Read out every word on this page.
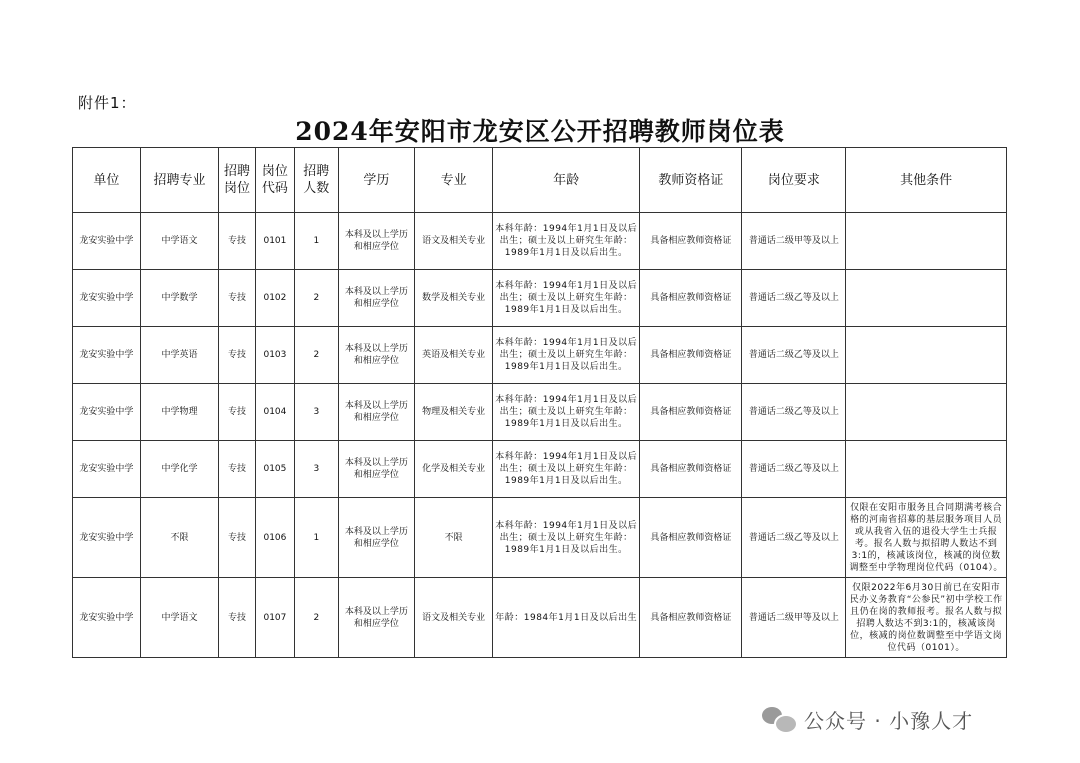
附件1：
2024年安阳市龙安区公开招聘教师岗位表
单位	招聘专业	招聘岗位	岗位代码	招聘人数	学历	专业	年龄	教师资格证	岗位要求	其他条件
龙安实验中学	中学语文	专技	0101	1	本科及以上学历和相应学位	语文及相关专业	本科年龄：1994年1月1日及以后出生；硕士及以上研究生年龄：1989年1月1日及以后出生。	具备相应教师资格证	普通话二级甲等及以上	
龙安实验中学	中学数学	专技	0102	2	本科及以上学历和相应学位	数学及相关专业	本科年龄：1994年1月1日及以后出生；硕士及以上研究生年龄：1989年1月1日及以后出生。	具备相应教师资格证	普通话二级乙等及以上	
龙安实验中学	中学英语	专技	0103	2	本科及以上学历和相应学位	英语及相关专业	本科年龄：1994年1月1日及以后出生；硕士及以上研究生年龄：1989年1月1日及以后出生。	具备相应教师资格证	普通话二级乙等及以上	
龙安实验中学	中学物理	专技	0104	3	本科及以上学历和相应学位	物理及相关专业	本科年龄：1994年1月1日及以后出生；硕士及以上研究生年龄：1989年1月1日及以后出生。	具备相应教师资格证	普通话二级乙等及以上	
龙安实验中学	中学化学	专技	0105	3	本科及以上学历和相应学位	化学及相关专业	本科年龄：1994年1月1日及以后出生；硕士及以上研究生年龄：1989年1月1日及以后出生。	具备相应教师资格证	普通话二级乙等及以上	
龙安实验中学	不限	专技	0106	1	本科及以上学历和相应学位	不限	本科年龄：1994年1月1日及以后出生；硕士及以上研究生年龄：1989年1月1日及以后出生。	具备相应教师资格证	普通话二级乙等及以上	仅限在安阳市服务且合同期满考核合格的河南省招募的基层服务项目人员或从我省入伍的退役大学生士兵报考。报名人数与拟招聘人数达不到3:1的，核减该岗位，核减的岗位数调整至中学物理岗位代码（0104）。
龙安实验中学	中学语文	专技	0107	2	本科及以上学历和相应学位	语文及相关专业	年龄：1984年1月1日及以后出生	具备相应教师资格证	普通话二级甲等及以上	仅限2022年6月30日前已在安阳市民办义务教育“公参民”初中学校工作且仍在岗的教师报考。报名人数与拟招聘人数达不到3:1的，核减该岗位，核减的岗位数调整至中学语文岗位代码（0101）。
公众号 · 小豫人才
